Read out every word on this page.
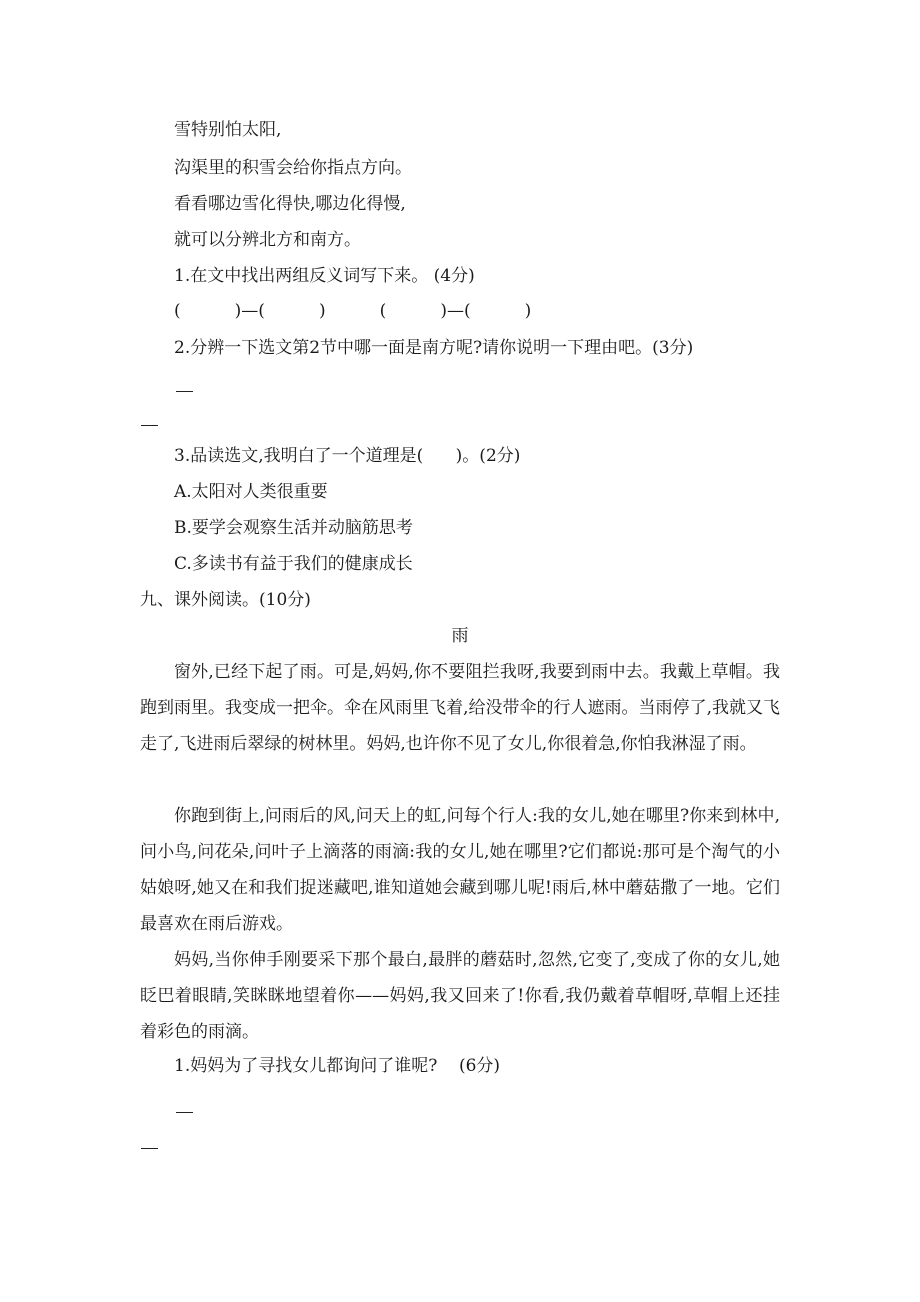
雪特别怕太阳,
沟渠里的积雪会给你指点方向。
看看哪边雪化得快,哪边化得慢,
就可以分辨北方和南方。
1.在文中找出两组反义词写下来。 (4分)
(          )—(          )          (          )—(          )
2.分辨一下选文第2节中哪一面是南方呢?请你说明一下理由吧。(3分)
3.品读选文,我明白了一个道理是(      )。(2分)
A.太阳对人类很重要
B.要学会观察生活并动脑筋思考
C.多读书有益于我们的健康成长
九、课外阅读。(10分)
雨
窗外,已经下起了雨。可是,妈妈,你不要阻拦我呀,我要到雨中去。我戴上草帽。我跑到雨里。我变成一把伞。伞在风雨里飞着,给没带伞的行人遮雨。当雨停了,我就又飞走了,飞进雨后翠绿的树林里。妈妈,也许你不见了女儿,你很着急,你怕我淋湿了雨。
你跑到街上,问雨后的风,问天上的虹,问每个行人:我的女儿,她在哪里?你来到林中,问小鸟,问花朵,问叶子上滴落的雨滴:我的女儿,她在哪里?它们都说:那可是个淘气的小姑娘呀,她又在和我们捉迷藏吧,谁知道她会藏到哪儿呢!雨后,林中蘑菇撒了一地。它们最喜欢在雨后游戏。
妈妈,当你伸手刚要采下那个最白,最胖的蘑菇时,忽然,它变了,变成了你的女儿,她眨巴着眼睛,笑眯眯地望着你——妈妈,我又回来了!你看,我仍戴着草帽呀,草帽上还挂着彩色的雨滴。
1.妈妈为了寻找女儿都询问了谁呢?    (6分)
